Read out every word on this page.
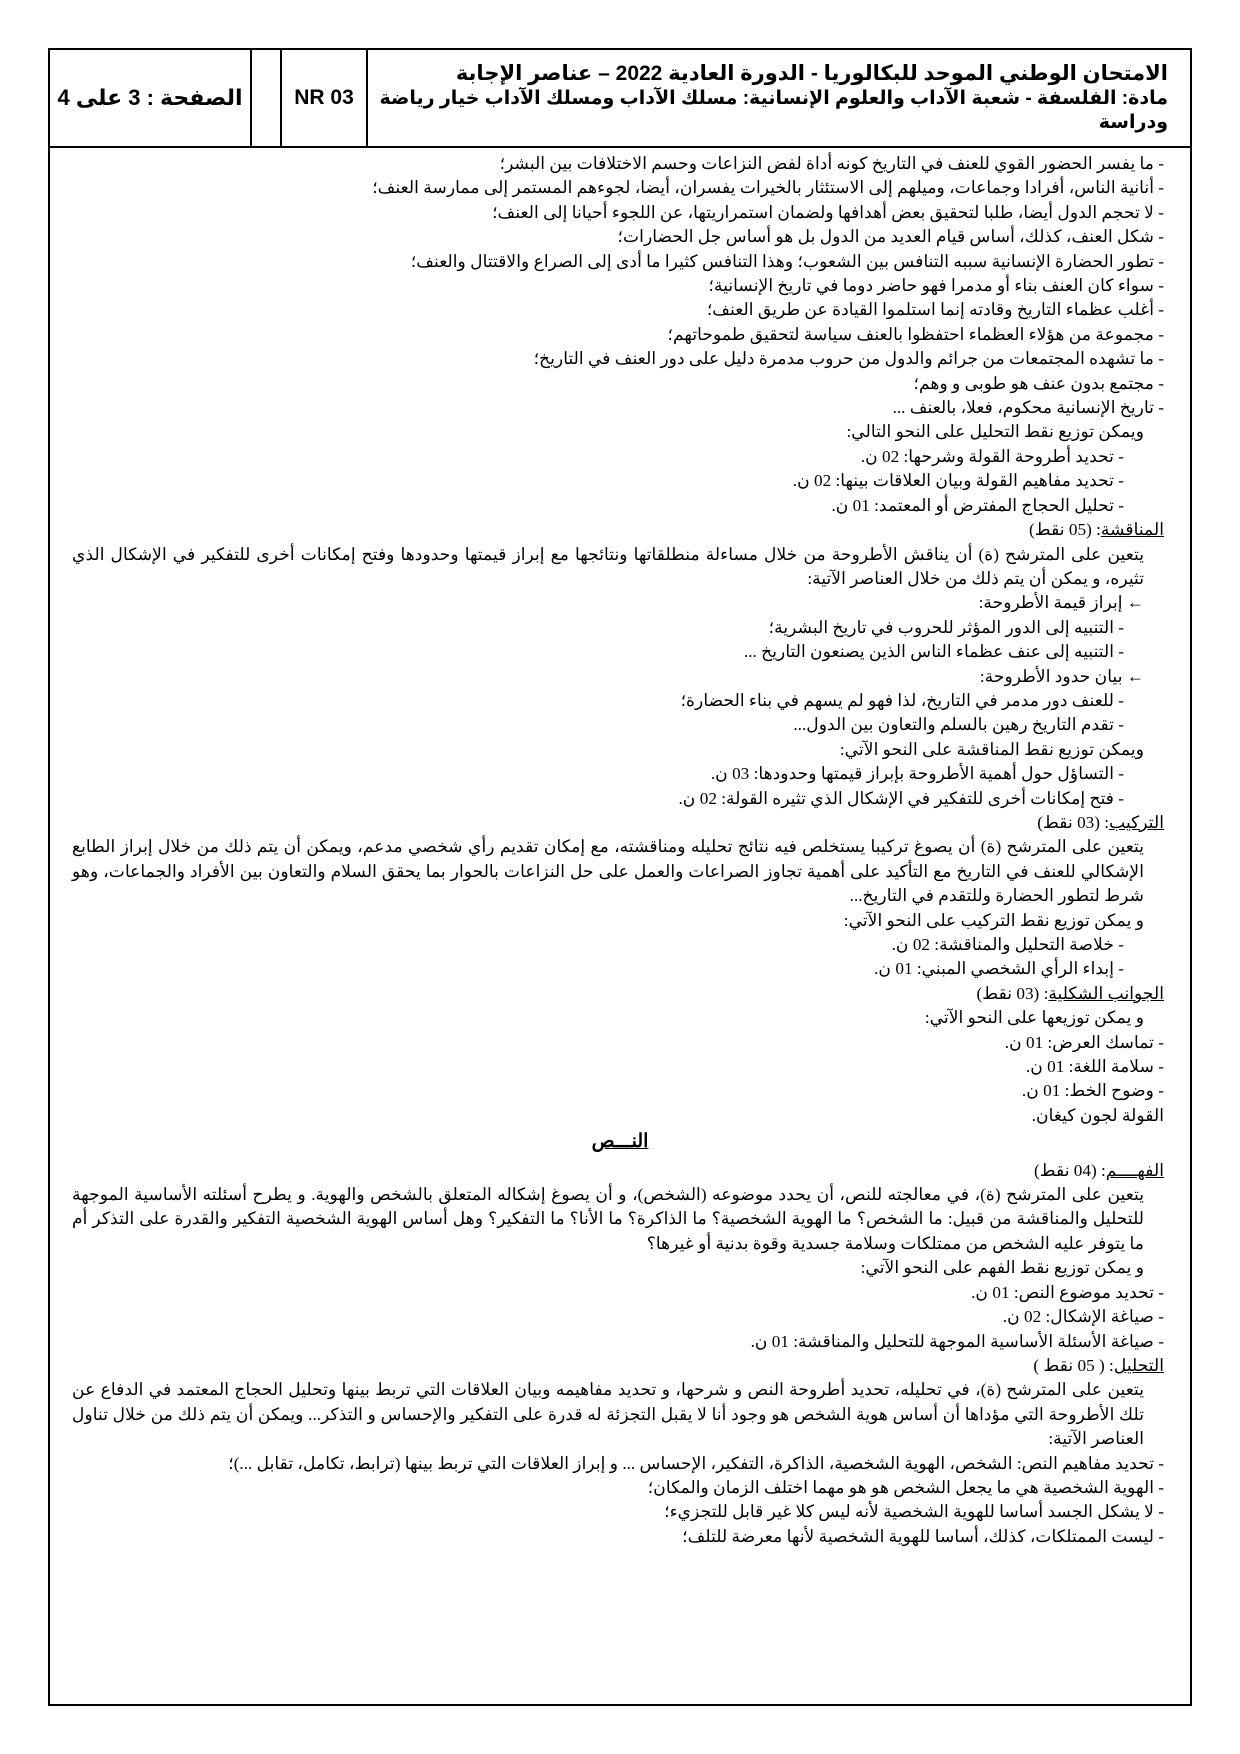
الامتحان الوطني الموحد للبكالوريا - الدورة العادية 2022 – عناصر الإجابة
مادة: الفلسفة - شعبة الآداب والعلوم الإنسانية: مسلك الآداب ومسلك الآداب خيار رياضة ودراسة
NR 03
الصفحة : 3 على 4
- ما يفسر الحضور القوي للعنف في التاريخ كونه أداة لفض النزاعات وحسم الاختلافات بين البشر؛
- أنانية الناس، أفرادا وجماعات، وميلهم إلى الاستئثار بالخيرات يفسران، أيضا، لجوءهم المستمر إلى ممارسة العنف؛
- لا تحجم الدول أيضا، طلبا لتحقيق بعض أهدافها ولضمان استمراريتها، عن اللجوء أحيانا إلى العنف؛
- شكل العنف، كذلك، أساس قيام العديد من الدول بل هو أساس جل الحضارات؛
- تطور الحضارة الإنسانية سببه التنافس بين الشعوب؛ وهذا التنافس كثيرا ما أدى إلى الصراع والاقتتال والعنف؛
- سواء كان العنف بناء أو مدمرا فهو حاضر دوما في تاريخ الإنسانية؛
- أغلب عظماء التاريخ وقادته إنما استلموا القيادة عن طريق العنف؛
- مجموعة من هؤلاء العظماء احتفظوا بالعنف سياسة لتحقيق طموحاتهم؛
- ما تشهده المجتمعات من جرائم والدول من حروب مدمرة دليل على دور العنف في التاريخ؛
- مجتمع بدون عنف هو طوبى و وهم؛
- تاريخ الإنسانية محكوم، فعلا، بالعنف ...
ويمكن توزيع نقط التحليل على النحو التالي:
- تحديد أطروحة القولة وشرحها: 02 ن.
- تحديد مفاهيم القولة وبيان العلاقات بينها: 02 ن.
- تحليل الحجاج المفترض أو المعتمد: 01 ن.
المناقشة: (05 نقط)
يتعين على المترشح (ة) أن يناقش الأطروحة من خلال مساءلة منطلقاتها ونتائجها مع إبراز قيمتها وحدودها وفتح إمكانات أخرى للتفكير في الإشكال الذي تثيره، و يمكن أن يتم ذلك من خلال العناصر الآتية:
← إبراز قيمة الأطروحة:
- التنبيه إلى الدور المؤثر للحروب في تاريخ البشرية؛
- التنبيه إلى عنف عظماء الناس الذين يصنعون التاريخ ...
← بيان حدود الأطروحة:
- للعنف دور مدمر في التاريخ، لذا فهو لم يسهم في بناء الحضارة؛
- تقدم التاريخ رهين بالسلم والتعاون بين الدول...
ويمكن توزيع نقط المناقشة على النحو الآتي:
- التساؤل حول أهمية الأطروحة بإبراز قيمتها وحدودها: 03 ن.
- فتح إمكانات أخرى للتفكير في الإشكال الذي تثيره القولة: 02 ن.
التركيب: (03 نقط)
يتعين على المترشح (ة) أن يصوغ تركيبا يستخلص فيه نتائج تحليله ومناقشته، مع إمكان تقديم رأي شخصي مدعم، ويمكن أن يتم ذلك من خلال إبراز الطابع الإشكالي للعنف في التاريخ مع التأكيد على أهمية تجاوز الصراعات والعمل على حل النزاعات بالحوار بما يحقق السلام والتعاون بين الأفراد والجماعات، وهو شرط لتطور الحضارة وللتقدم في التاريخ...
و يمكن توزيع نقط التركيب على النحو الآتي:
- خلاصة التحليل والمناقشة: 02 ن.
- إبداء الرأي الشخصي المبني: 01 ن.
الجوانب الشكلية: (03 نقط)
و يمكن توزيعها على النحو الآتي:
- تماسك العرض: 01 ن.
- سلامة اللغة: 01 ن.
- وضوح الخط: 01 ن.
القولة لجون كيغان.
النـــص
الفهــــم: (04 نقط)
يتعين على المترشح (ة)، في معالجته للنص، أن يحدد موضوعه (الشخص)، و أن يصوغ إشكاله المتعلق بالشخص والهوية. و يطرح أسئلته الأساسية الموجهة للتحليل والمناقشة من قبيل: ما الشخص؟ ما الهوية الشخصية؟ ما الذاكرة؟ ما الأنا؟ ما التفكير؟ وهل أساس الهوية الشخصية التفكير والقدرة على التذكر أم ما يتوفر عليه الشخص من ممتلكات وسلامة جسدية وقوة بدنية أو غيرها؟
و يمكن توزيع نقط الفهم على النحو الآتي:
- تحديد موضوع النص: 01 ن.
- صياغة الإشكال: 02 ن.
- صياغة الأسئلة الأساسية الموجهة للتحليل والمناقشة: 01 ن.
التحليل: ( 05 نقط )
يتعين على المترشح (ة)، في تحليله، تحديد أطروحة النص و شرحها، و تحديد مفاهيمه وبيان العلاقات التي تربط بينها وتحليل الحجاج المعتمد في الدفاع عن تلك الأطروحة التي مؤداها أن أساس هوية الشخص هو وجود أنا لا يقبل التجزئة له قدرة على التفكير والإحساس و التذكر... ويمكن أن يتم ذلك من خلال تناول العناصر الآتية:
- تحديد مفاهيم النص: الشخص، الهوية الشخصية، الذاكرة، التفكير، الإحساس ... و إبراز العلاقات التي تربط بينها (ترابط، تكامل، تقابل ...)؛
- الهوية الشخصية هي ما يجعل الشخص هو هو مهما اختلف الزمان والمكان؛
- لا يشكل الجسد أساسا للهوية الشخصية لأنه ليس كلا غير قابل للتجزيء؛
- ليست الممتلكات، كذلك، أساسا للهوية الشخصية لأنها معرضة للتلف؛
